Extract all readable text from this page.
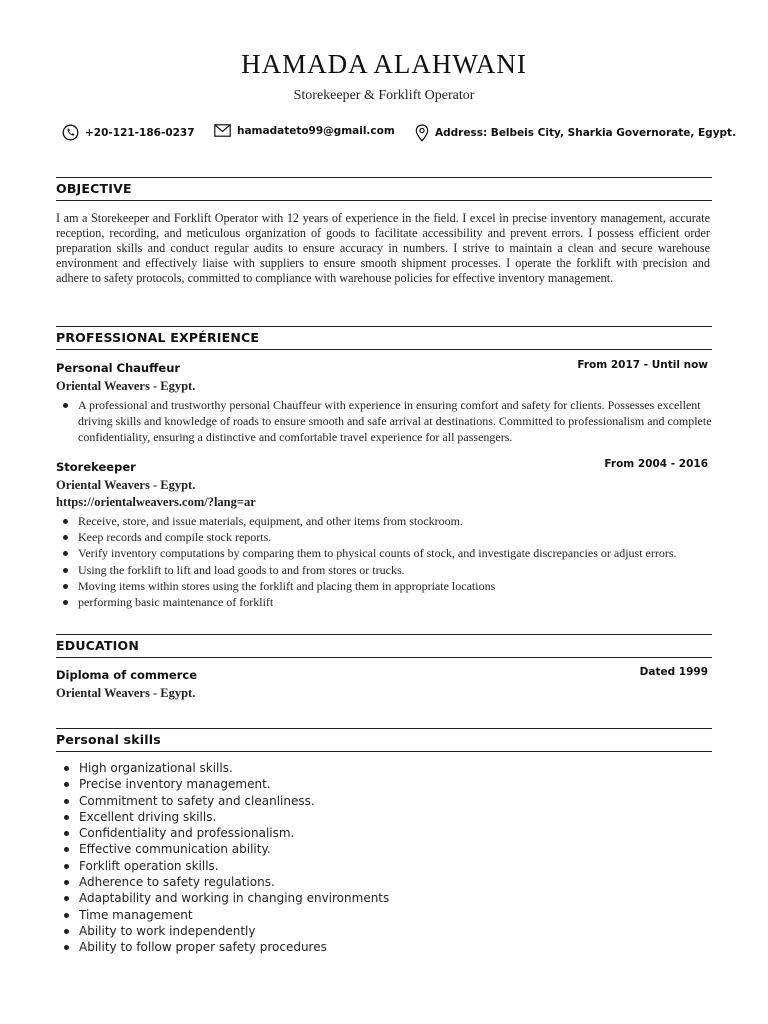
HAMADA ALAHWANI
Storekeeper & Forklift Operator
+20-121-186-0237	hamadateto99@gmail.com	Address: Belbeis City, Sharkia Governorate, Egypt.
OBJECTIVE
I am a Storekeeper and Forklift Operator with 12 years of experience in the field. I excel in precise inventory management, accurate reception, recording, and meticulous organization of goods to facilitate accessibility and prevent errors. I possess efficient order preparation skills and conduct regular audits to ensure accuracy in numbers. I strive to maintain a clean and secure warehouse environment and effectively liaise with suppliers to ensure smooth shipment processes. I operate the forklift with precision and adhere to safety protocols, committed to compliance with warehouse policies for effective inventory management.
PROFESSIONAL EXPÉRIENCE
Personal Chauffeur	From 2017 - Until now
Oriental Weavers - Egypt.
A professional and trustworthy personal Chauffeur with experience in ensuring comfort and safety for clients. Possesses excellent driving skills and knowledge of roads to ensure smooth and safe arrival at destinations. Committed to professionalism and complete confidentiality, ensuring a distinctive and comfortable travel experience for all passengers.
Storekeeper	From 2004 - 2016
Oriental Weavers - Egypt.
https://orientalweavers.com/?lang=ar
Receive, store, and issue materials, equipment, and other items from stockroom.
Keep records and compile stock reports.
Verify inventory computations by comparing them to physical counts of stock, and investigate discrepancies or adjust errors.
Using the forklift to lift and load goods to and from stores or trucks.
Moving items within stores using the forklift and placing them in appropriate locations
performing basic maintenance of forklift
EDUCATION
Diploma of commerce	Dated 1999
Oriental Weavers - Egypt.
Personal skills
High organizational skills.
Precise inventory management.
Commitment to safety and cleanliness.
Excellent driving skills.
Confidentiality and professionalism.
Effective communication ability.
Forklift operation skills.
Adherence to safety regulations.
Adaptability and working in changing environments
Time management
Ability to work independently
Ability to follow proper safety procedures
